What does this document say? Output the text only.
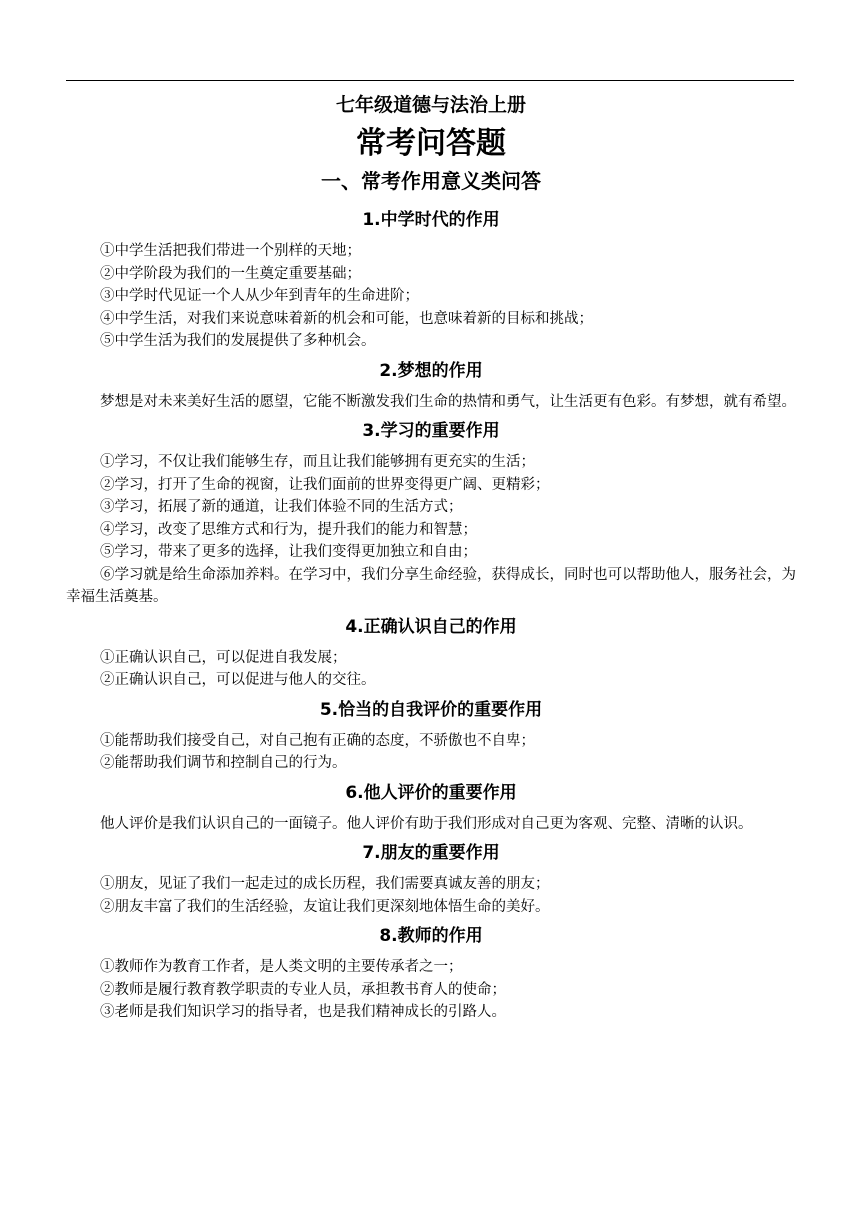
七年级道德与法治上册
常考问答题
一、常考作用意义类问答
1.中学时代的作用
①中学生活把我们带进一个别样的天地；
②中学阶段为我们的一生奠定重要基础；
③中学时代见证一个人从少年到青年的生命进阶；
④中学生活，对我们来说意味着新的机会和可能，也意味着新的目标和挑战；
⑤中学生活为我们的发展提供了多种机会。
2.梦想的作用

梦想是对未来美好生活的愿望，它能不断激发我们生命的热情和勇气，让生活更有色彩。有梦想，就有希望。

3.学习的重要作用
①学习，不仅让我们能够生存，而且让我们能够拥有更充实的生活；
②学习，打开了生命的视窗，让我们面前的世界变得更广阔、更精彩；
③学习，拓展了新的通道，让我们体验不同的生活方式；
④学习，改变了思维方式和行为，提升我们的能力和智慧；
⑤学习，带来了更多的选择，让我们变得更加独立和自由；

⑥学习就是给生命添加养料。在学习中，我们分享生命经验，获得成长，同时也可以帮助他人，服务社会，为幸福生活奠基。

4.正确认识自己的作用
①正确认识自己，可以促进自我发展；
②正确认识自己，可以促进与他人的交往。
5.恰当的自我评价的重要作用
①能帮助我们接受自己，对自己抱有正确的态度，不骄傲也不自卑；
②能帮助我们调节和控制自己的行为。
6.他人评价的重要作用

他人评价是我们认识自己的一面镜子。他人评价有助于我们形成对自己更为客观、完整、清晰的认识。

7.朋友的重要作用
①朋友，见证了我们一起走过的成长历程，我们需要真诚友善的朋友；
②朋友丰富了我们的生活经验，友谊让我们更深刻地体悟生命的美好。
8.教师的作用
①教师作为教育工作者，是人类文明的主要传承者之一；
②教师是履行教育教学职责的专业人员，承担教书育人的使命；
③老师是我们知识学习的指导者，也是我们精神成长的引路人。
